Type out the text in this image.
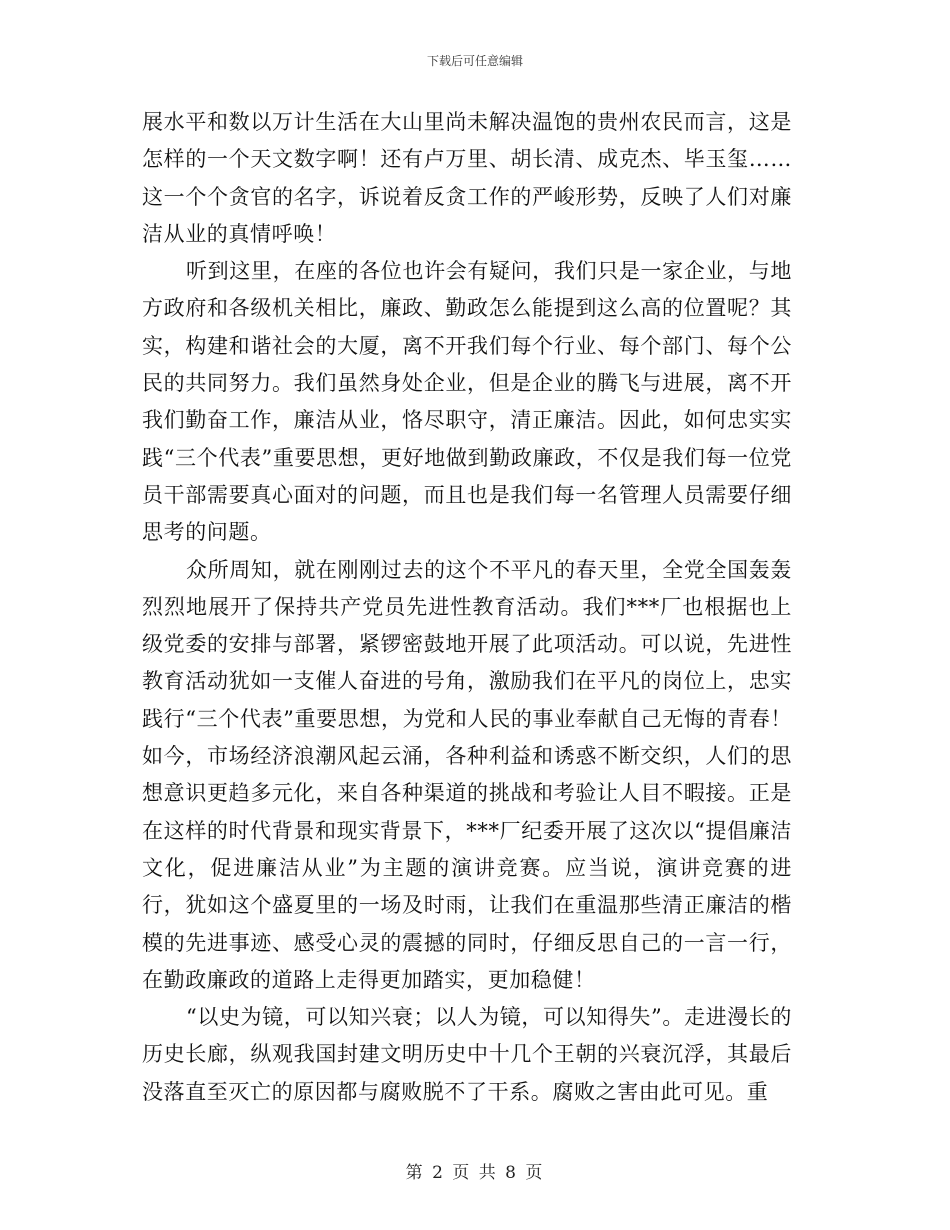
下载后可任意编辑

展水平和数以万计生活在大山里尚未解决温饱的贵州农民而言，这是怎样的一个天文数字啊！还有卢万里、胡长清、成克杰、毕玉玺……这一个个贪官的名字，诉说着反贪工作的严峻形势，反映了人们对廉洁从业的真情呼唤！

听到这里，在座的各位也许会有疑问，我们只是一家企业，与地方政府和各级机关相比，廉政、勤政怎么能提到这么高的位置呢？其实，构建和谐社会的大厦，离不开我们每个行业、每个部门、每个公民的共同努力。我们虽然身处企业，但是企业的腾飞与进展，离不开我们勤奋工作，廉洁从业，恪尽职守，清正廉洁。因此，如何忠实实践“三个代表”重要思想，更好地做到勤政廉政，不仅是我们每一位党员干部需要真心面对的问题，而且也是我们每一名管理人员需要仔细思考的问题。

众所周知，就在刚刚过去的这个不平凡的春天里，全党全国轰轰烈烈地展开了保持共产党员先进性教育活动。我们***厂也根据也上级党委的安排与部署，紧锣密鼓地开展了此项活动。可以说，先进性教育活动犹如一支催人奋进的号角，激励我们在平凡的岗位上，忠实践行“三个代表”重要思想，为党和人民的事业奉献自己无悔的青春！如今，市场经济浪潮风起云涌，各种利益和诱惑不断交织，人们的思想意识更趋多元化，来自各种渠道的挑战和考验让人目不暇接。正是在这样的时代背景和现实背景下，***厂纪委开展了这次以“提倡廉洁文化，促进廉洁从业”为主题的演讲竞赛。应当说，演讲竞赛的进行，犹如这个盛夏里的一场及时雨，让我们在重温那些清正廉洁的楷模的先进事迹、感受心灵的震撼的同时，仔细反思自己的一言一行，在勤政廉政的道路上走得更加踏实，更加稳健！

“以史为镜，可以知兴衰；以人为镜，可以知得失”。走进漫长的历史长廊，纵观我国封建文明历史中十几个王朝的兴衰沉浮，其最后没落直至灭亡的原因都与腐败脱不了干系。腐败之害由此可见。重

第 2 页 共 8 页
